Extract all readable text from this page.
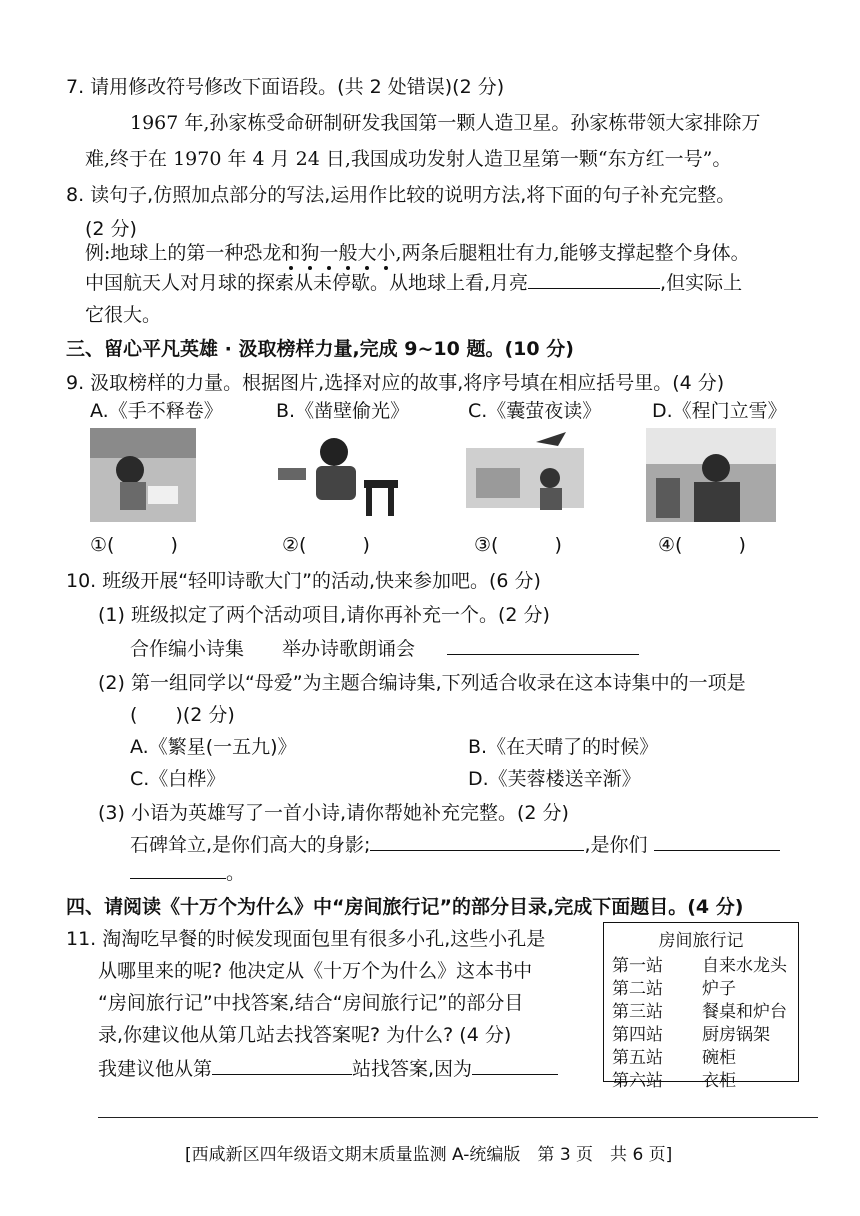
7. 请用修改符号修改下面语段。(共 2 处错误)(2 分)
1967 年,孙家栋受命研制研发我国第一颗人造卫星。孙家栋带领大家排除万
难,终于在 1970 年 4 月 24 日,我国成功发射人造卫星第一颗“东方红一号”。
8. 读句子,仿照加点部分的写法,运用作比较的说明方法,将下面的句子补充完整。
(2 分)
例:地球上的第一种恐龙和狗一般大小,两条后腿粗壮有力,能够支撑起整个身体。
中国航天人对月球的探索从未停歇。从地球上看,月亮	,但实际上
它很大。
三、留心平凡英雄 · 汲取榜样力量,完成 9~10 题。(10 分)
9. 汲取榜样的力量。根据图片,选择对应的故事,将序号填在相应括号里。(4 分)
A.《手不释卷》	B.《凿壁偷光》	C.《囊萤夜读》	D.《程门立雪》
①(	)	②(	)	③(	)	④(	)
10. 班级开展“轻叩诗歌大门”的活动,快来参加吧。(6 分)
(1) 班级拟定了两个活动项目,请你再补充一个。(2 分)
合作编小诗集　　举办诗歌朗诵会
(2) 第一组同学以“母爱”为主题合编诗集,下列适合收录在这本诗集中的一项是
(　　)(2 分)
A.《繁星(一五九)》	B.《在天晴了的时候》
C.《白桦》	D.《芙蓉楼送辛渐》
(3) 小语为英雄写了一首小诗,请你帮她补充完整。(2 分)
石碑耸立,是你们高大的身影;	,是你们
。
四、请阅读《十万个为什么》中“房间旅行记”的部分目录,完成下面题目。(4 分)
11. 淘淘吃早餐的时候发现面包里有很多小孔,这些小孔是
从哪里来的呢? 他决定从《十万个为什么》这本书中
“房间旅行记”中找答案,结合“房间旅行记”的部分目
录,你建议他从第几站去找答案呢? 为什么? (4 分)
我建议他从第	站找答案,因为
房间旅行记
第一站	自来水龙头
第二站	炉子
第三站	餐桌和炉台
第四站	厨房锅架
第五站	碗柜
第六站	衣柜
[西咸新区四年级语文期末质量监测 A-统编版　第 3 页　共 6 页]
